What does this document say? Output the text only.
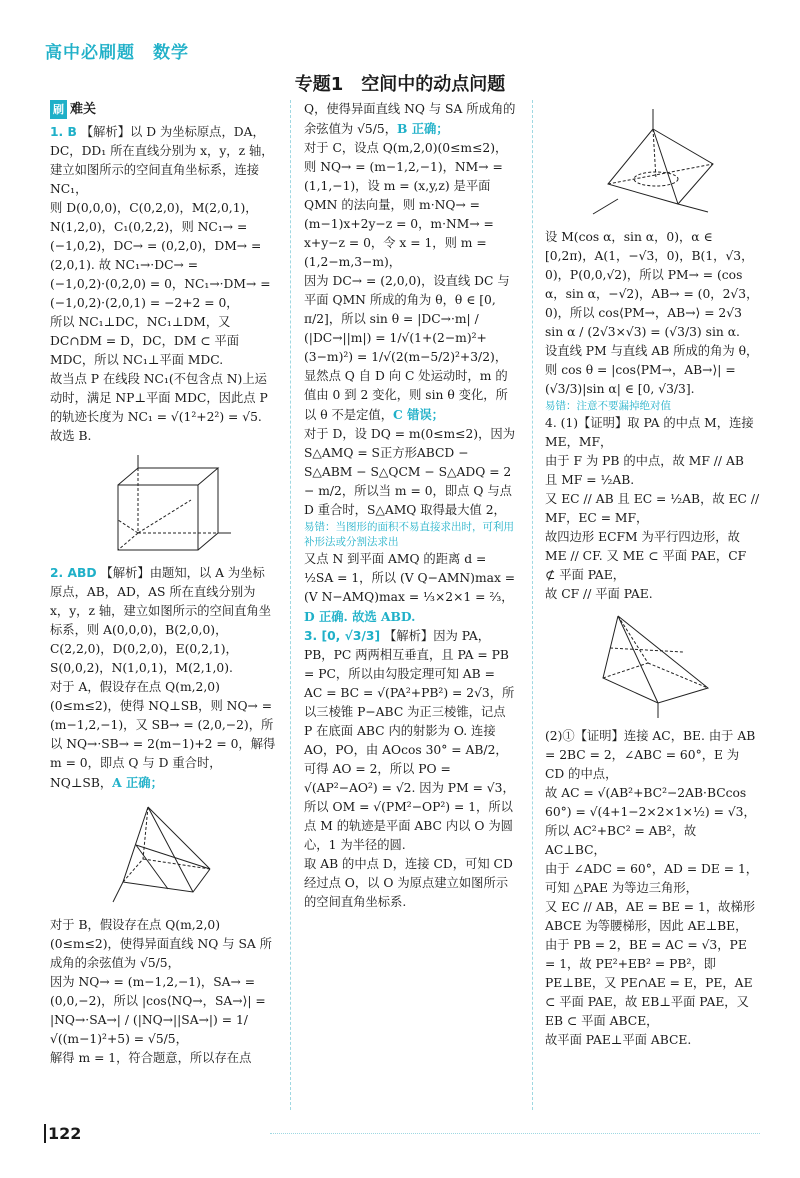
高中必刷题　数学
专题1　空间中的动点问题
刷 难关

1. B 【解析】以 D 为坐标原点，DA，DC，DD₁ 所在直线分别为 x，y，z 轴，建立如图所示的空间直角坐标系，连接 NC₁，

则 D(0,0,0)，C(0,2,0)，M(2,0,1)，N(1,2,0)，C₁(0,2,2)，则 NC₁→ = (−1,0,2)，DC→ = (0,2,0)，DM→ = (2,0,1). 故 NC₁→·DC→ = (−1,0,2)·(0,2,0) = 0，NC₁→·DM→ = (−1,0,2)·(2,0,1) = −2+2 = 0，

所以 NC₁⊥DC，NC₁⊥DM，又 DC∩DM = D，DC，DM ⊂ 平面 MDC，所以 NC₁⊥平面 MDC.

故当点 P 在线段 NC₁(不包含点 N)上运动时，满足 NP⊥平面 MDC，因此点 P 的轨迹长度为 NC₁ = √(1²+2²) = √5.

故选 B.

2. ABD 【解析】由题知，以 A 为坐标原点，AB，AD，AS 所在直线分别为 x，y，z 轴，建立如图所示的空间直角坐标系，则 A(0,0,0)，B(2,0,0)，C(2,2,0)，D(0,2,0)，E(0,2,1)，S(0,0,2)，N(1,0,1)，M(2,1,0).

对于 A，假设存在点 Q(m,2,0)(0≤m≤2)，使得 NQ⊥SB，则 NQ→ = (m−1,2,−1)，又 SB→ = (2,0,−2)，所以 NQ→·SB→ = 2(m−1)+2 = 0，解得 m = 0，即点 Q 与 D 重合时，NQ⊥SB，A 正确；

对于 B，假设存在点 Q(m,2,0)(0≤m≤2)，使得异面直线 NQ 与 SA 所成角的余弦值为 √5/5，

因为 NQ→ = (m−1,2,−1)，SA→ = (0,0,−2)，所以 |cos⟨NQ→，SA→⟩| = |NQ→·SA→| / (|NQ→||SA→|) = 1/√((m−1)²+5) = √5/5，

解得 m = 1，符合题意，所以存在点

Q，使得异面直线 NQ 与 SA 所成角的余弦值为 √5/5，B 正确；

对于 C，设点 Q(m,2,0)(0≤m≤2)，则 NQ→ = (m−1,2,−1)，NM→ = (1,1,−1)，设 m = (x,y,z) 是平面 QMN 的法向量，则 m·NQ→ = (m−1)x+2y−z = 0，m·NM→ = x+y−z = 0，令 x = 1，则 m = (1,2−m,3−m)，

因为 DC→ = (2,0,0)，设直线 DC 与平面 QMN 所成的角为 θ，θ ∈ [0, π/2]，所以 sin θ = |DC→·m| / (|DC→||m|) = 1/√(1+(2−m)²+(3−m)²) = 1/√(2(m−5/2)²+3/2)，显然点 Q 自 D 向 C 处运动时，m 的值由 0 到 2 变化，则 sin θ 变化，所以 θ 不是定值，C 错误；

对于 D，设 DQ = m(0≤m≤2)，因为 S△AMQ = S正方形ABCD − S△ABM − S△QCM − S△ADQ = 2 − m/2，所以当 m = 0，即点 Q 与点 D 重合时，S△AMQ 取得最大值 2，

易错：当图形的面积不易直接求出时，可利用补形法或分割法求出

又点 N 到平面 AMQ 的距离 d = ½SA = 1，所以 (V Q−AMN)max = (V N−AMQ)max = ⅓×2×1 = ⅔，D 正确. 故选 ABD.

3. [0, √3/3] 【解析】因为 PA，PB，PC 两两相互垂直，且 PA = PB = PC，所以由勾股定理可知 AB = AC = BC = √(PA²+PB²) = 2√3，所以三棱锥 P−ABC 为正三棱锥，记点 P 在底面 ABC 内的射影为 O. 连接 AO，PO，由 AOcos 30° = AB/2，可得 AO = 2，所以 PO = √(AP²−AO²) = √2. 因为 PM = √3，所以 OM = √(PM²−OP²) = 1，所以点 M 的轨迹是平面 ABC 内以 O 为圆心，1 为半径的圆.

取 AB 的中点 D，连接 CD，可知 CD 经过点 O，以 O 为原点建立如图所示的空间直角坐标系.

设 M(cos α，sin α，0)，α ∈ [0,2π)，A(1，−√3，0)，B(1，√3，0)，P(0,0,√2)，所以 PM→ = (cos α，sin α，−√2)，AB→ = (0，2√3，0)，所以 cos⟨PM→，AB→⟩ = 2√3 sin α / (2√3×√3) = (√3/3) sin α.

设直线 PM 与直线 AB 所成的角为 θ，则 cos θ = |cos⟨PM→，AB→⟩| = (√3/3)|sin α| ∈ [0, √3/3].

易错：注意不要漏掉绝对值

4. (1)【证明】取 PA 的中点 M，连接 ME，MF，

由于 F 为 PB 的中点，故 MF // AB 且 MF = ½AB.

又 EC // AB 且 EC = ½AB，故 EC // MF，EC = MF，

故四边形 ECFM 为平行四边形，故 ME // CF. 又 ME ⊂ 平面 PAE，CF ⊄ 平面 PAE，

故 CF // 平面 PAE.

(2)①【证明】连接 AC，BE. 由于 AB = 2BC = 2，∠ABC = 60°，E 为 CD 的中点，

故 AC = √(AB²+BC²−2AB·BCcos 60°) = √(4+1−2×2×1×½) = √3，

所以 AC²+BC² = AB²，故 AC⊥BC，

由于 ∠ADC = 60°，AD = DE = 1，可知 △PAE 为等边三角形，

又 EC // AB，AE = BE = 1，故梯形 ABCE 为等腰梯形，因此 AE⊥BE，

由于 PB = 2，BE = AC = √3，PE = 1，故 PE²+EB² = PB²，即 PE⊥BE，又 PE∩AE = E，PE，AE ⊂ 平面 PAE，故 EB⊥平面 PAE，又 EB ⊂ 平面 ABCE，

故平面 PAE⊥平面 ABCE.

122
